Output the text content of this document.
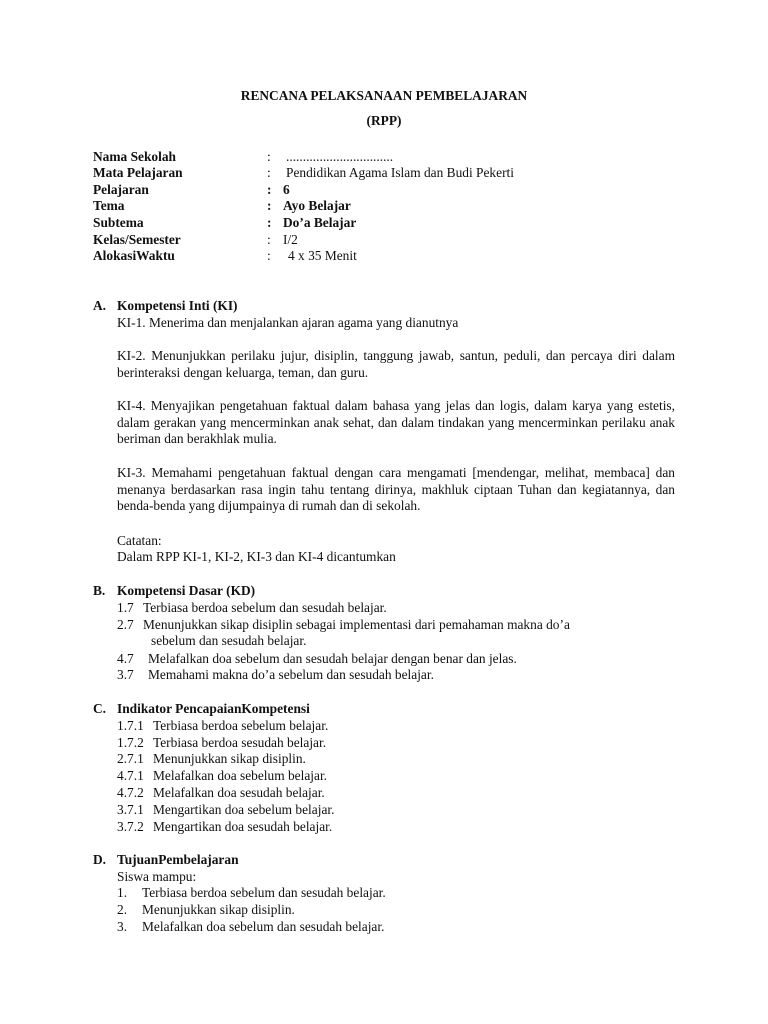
RENCANA PELAKSANAAN PEMBELAJARAN
(RPP)
Nama Sekolah	:	................................
Mata Pelajaran	:	Pendidikan Agama Islam dan Budi Pekerti
Pelajaran	: 6
Tema	: Ayo Belajar
Subtema	: Do’a Belajar
Kelas/Semester	: I/2
AlokasiWaktu	:	4 x 35 Menit
A. Kompetensi Inti (KI)
KI-1. Menerima dan menjalankan ajaran agama yang dianutnya
KI-2. Menunjukkan perilaku jujur, disiplin, tanggung jawab, santun, peduli, dan percaya diri dalam berinteraksi dengan keluarga, teman, dan guru.
KI-4. Menyajikan pengetahuan faktual dalam bahasa yang jelas dan logis, dalam karya yang estetis, dalam gerakan yang mencerminkan anak sehat, dan dalam tindakan yang mencerminkan perilaku anak beriman dan berakhlak mulia.
KI-3. Memahami pengetahuan faktual dengan cara mengamati [mendengar, melihat, membaca] dan menanya berdasarkan rasa ingin tahu tentang dirinya, makhluk ciptaan Tuhan dan kegiatannya, dan benda-benda yang dijumpainya di rumah dan di sekolah.
Catatan:
Dalam RPP KI-1, KI-2, KI-3 dan KI-4 dicantumkan
B. Kompetensi Dasar (KD)
1.7 Terbiasa berdoa sebelum dan sesudah belajar.
2.7 Menunjukkan sikap disiplin sebagai implementasi dari pemahaman makna do’a
sebelum dan sesudah belajar.
4.7 Melafalkan doa sebelum dan sesudah belajar dengan benar dan jelas.
3.7 Memahami makna do’a sebelum dan sesudah belajar.
C. Indikator PencapaianKompetensi
1.7.1 Terbiasa berdoa sebelum belajar.
1.7.2 Terbiasa berdoa sesudah belajar.
2.7.1 Menunjukkan sikap disiplin.
4.7.1 Melafalkan doa sebelum belajar.
4.7.2 Melafalkan doa sesudah belajar.
3.7.1 Mengartikan doa sebelum belajar.
3.7.2 Mengartikan doa sesudah belajar.
D. TujuanPembelajaran
Siswa mampu:
1. Terbiasa berdoa sebelum dan sesudah belajar.
2. Menunjukkan sikap disiplin.
3. Melafalkan doa sebelum dan sesudah belajar.
